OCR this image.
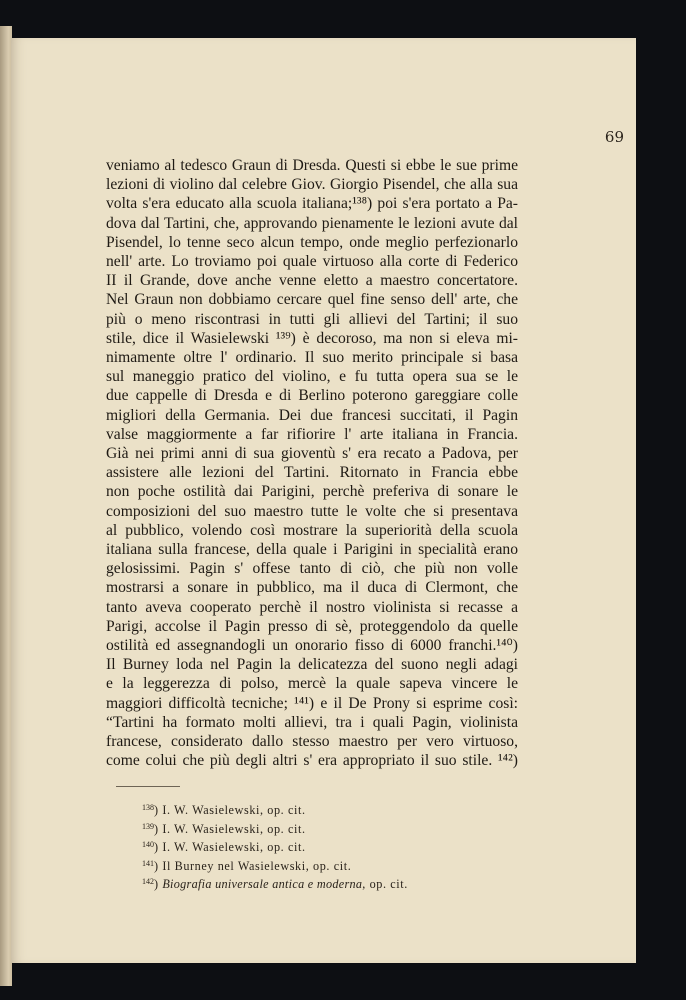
69
veniamo al tedesco Graun di Dresda. Questi si ebbe le sue prime
lezioni di violino dal celebre Giov. Giorgio Pisendel, che alla sua
volta s'era educato alla scuola italiana;¹³⁸) poi s'era portato a Pa-
dova dal Tartini, che, approvando pienamente le lezioni avute dal
Pisendel, lo tenne seco alcun tempo, onde meglio perfezionarlo
nell' arte. Lo troviamo poi quale virtuoso alla corte di Federico
II il Grande, dove anche venne eletto a maestro concertatore.
Nel Graun non dobbiamo cercare quel fine senso dell' arte, che
più o meno riscontrasi in tutti gli allievi del Tartini; il suo
stile, dice il Wasielewski ¹³⁹) è decoroso, ma non si eleva mi-
nimamente oltre l' ordinario. Il suo merito principale si basa
sul maneggio pratico del violino, e fu tutta opera sua se le
due cappelle di Dresda e di Berlino poterono gareggiare colle
migliori della Germania. Dei due francesi succitati, il Pagin
valse maggiormente a far rifiorire l' arte italiana in Francia.
Già nei primi anni di sua gioventù s' era recato a Padova, per
assistere alle lezioni del Tartini. Ritornato in Francia ebbe
non poche ostilità dai Parigini, perchè preferiva di sonare le
composizioni del suo maestro tutte le volte che si presentava
al pubblico, volendo così mostrare la superiorità della scuola
italiana sulla francese, della quale i Parigini in specialità erano
gelosissimi. Pagin s' offese tanto di ciò, che più non volle
mostrarsi a sonare in pubblico, ma il duca di Clermont, che
tanto aveva cooperato perchè il nostro violinista si recasse a
Parigi, accolse il Pagin presso di sè, proteggendolo da quelle
ostilità ed assegnandogli un onorario fisso di 6000 franchi.¹⁴⁰)
Il Burney loda nel Pagin la delicatezza del suono negli adagi
e la leggerezza di polso, mercè la quale sapeva vincere le
maggiori difficoltà tecniche; ¹⁴¹) e il De Prony si esprime così:
“Tartini ha formato molti allievi, tra i quali Pagin, violinista
francese, considerato dallo stesso maestro per vero virtuoso,
come colui che più degli altri s' era appropriato il suo stile. ¹⁴²)
$^{138}$) I. W. Wasielewski, op. cit.
$^{139}$) I. W. Wasielewski, op. cit.
$^{140}$) I. W. Wasielewski, op. cit.
$^{141}$) Il Burney nel Wasielewski, op. cit.
$^{142}$) Biografia universale antica e moderna, op. cit.
